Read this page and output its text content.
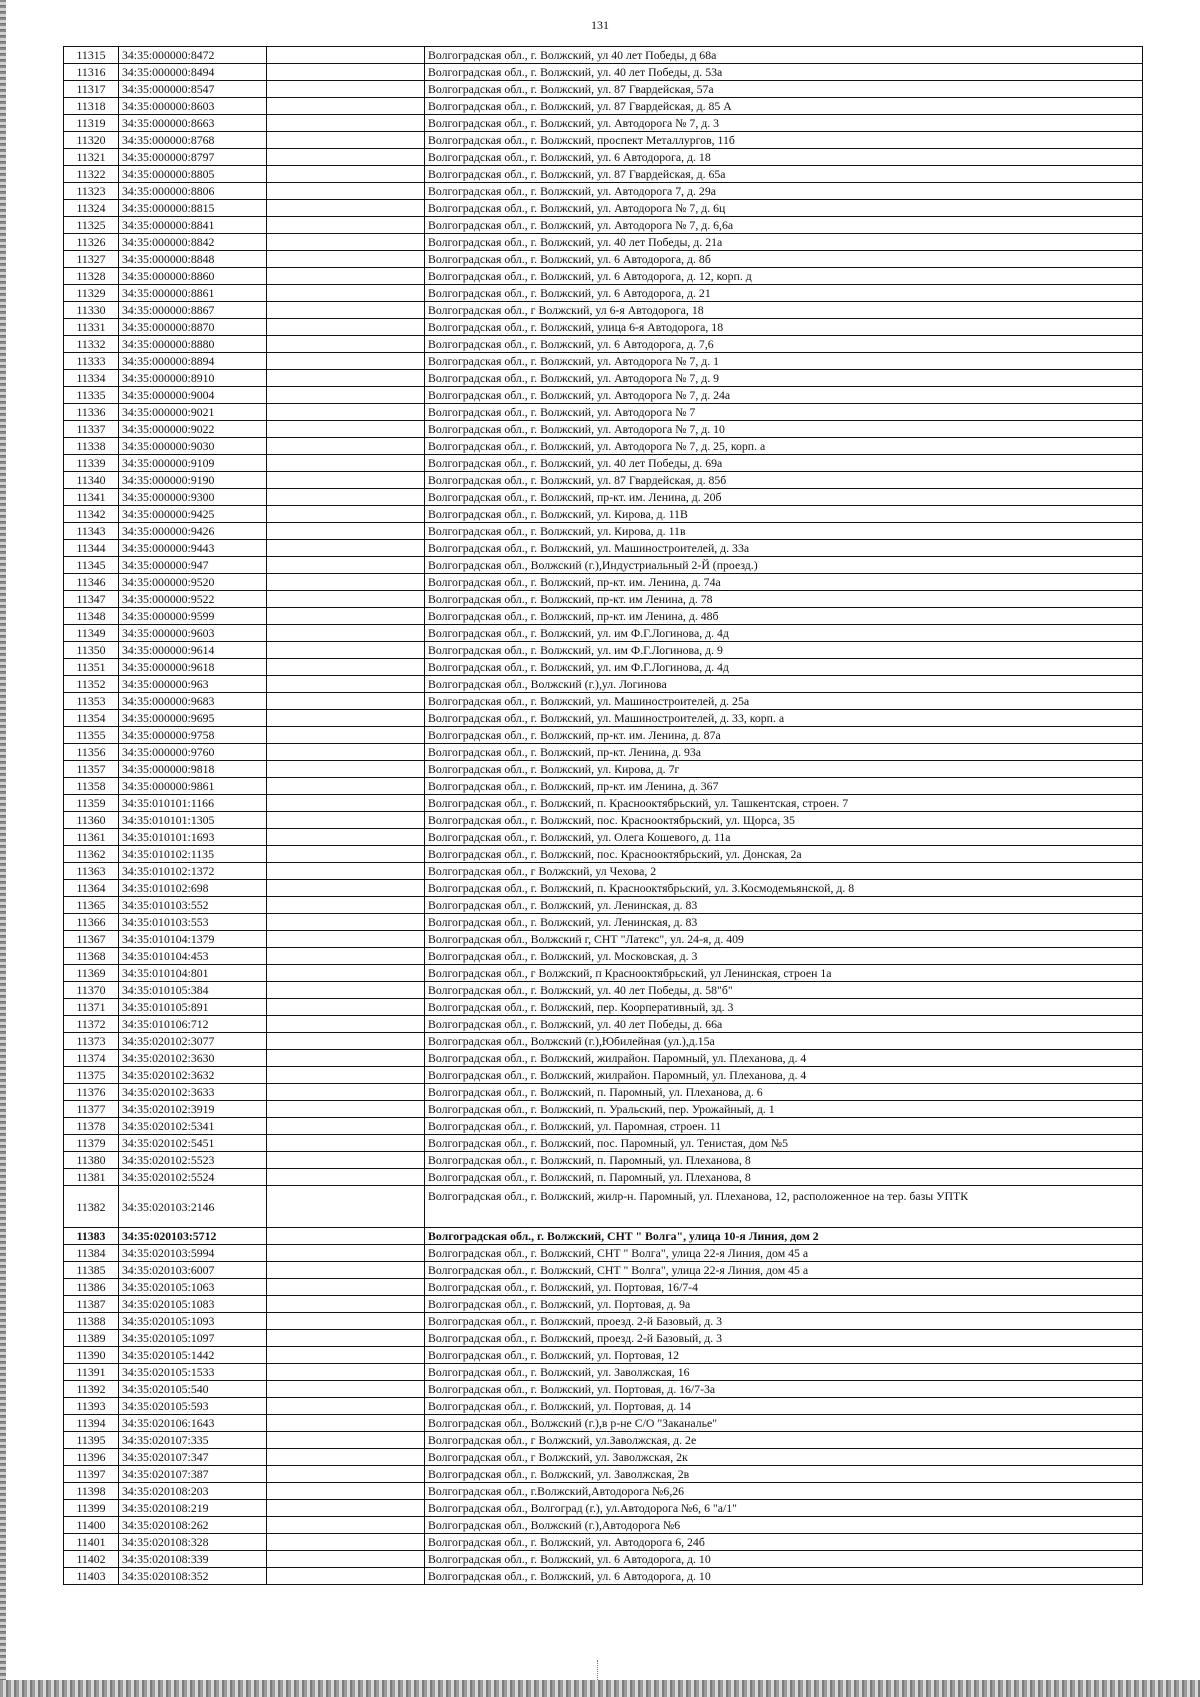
131
11315	34:35:000000:8472		Волгоградская обл., г. Волжский, ул 40 лет Победы, д 68а
11316	34:35:000000:8494		Волгоградская обл., г. Волжский, ул. 40 лет Победы, д. 53а
11317	34:35:000000:8547		Волгоградская обл., г. Волжский, ул. 87 Гвардейская, 57а
11318	34:35:000000:8603		Волгоградская обл., г. Волжский, ул. 87 Гвардейская, д. 85 А
11319	34:35:000000:8663		Волгоградская обл., г. Волжский, ул. Автодорога № 7, д. 3
11320	34:35:000000:8768		Волгоградская обл., г. Волжский, проспект Металлургов, 11б
11321	34:35:000000:8797		Волгоградская обл., г. Волжский, ул. 6 Автодорога, д. 18
11322	34:35:000000:8805		Волгоградская обл., г. Волжский, ул. 87 Гвардейская, д. 65а
11323	34:35:000000:8806		Волгоградская обл., г. Волжский, ул. Автодорога 7, д. 29а
11324	34:35:000000:8815		Волгоградская обл., г. Волжский, ул. Автодорога № 7, д. 6ц
11325	34:35:000000:8841		Волгоградская обл., г. Волжский, ул. Автодорога № 7, д. 6,6а
11326	34:35:000000:8842		Волгоградская обл., г. Волжский, ул. 40 лет Победы, д. 21а
11327	34:35:000000:8848		Волгоградская обл., г. Волжский, ул. 6 Автодорога, д. 8б
11328	34:35:000000:8860		Волгоградская обл., г. Волжский, ул. 6 Автодорога, д. 12, корп. д
11329	34:35:000000:8861		Волгоградская обл., г. Волжский, ул. 6 Автодорога, д. 21
11330	34:35:000000:8867		Волгоградская обл., г Волжский, ул 6-я Автодорога, 18
11331	34:35:000000:8870		Волгоградская обл., г. Волжский, улица 6-я Автодорога, 18
11332	34:35:000000:8880		Волгоградская обл., г. Волжский, ул. 6 Автодорога, д. 7,6
11333	34:35:000000:8894		Волгоградская обл., г. Волжский, ул. Автодорога № 7, д. 1
11334	34:35:000000:8910		Волгоградская обл., г. Волжский, ул. Автодорога № 7, д. 9
11335	34:35:000000:9004		Волгоградская обл., г. Волжский, ул. Автодорога № 7, д. 24а
11336	34:35:000000:9021		Волгоградская обл., г. Волжский, ул. Автодорога № 7
11337	34:35:000000:9022		Волгоградская обл., г. Волжский, ул. Автодорога № 7, д. 10
11338	34:35:000000:9030		Волгоградская обл., г. Волжский, ул. Автодорога № 7, д. 25, корп. а
11339	34:35:000000:9109		Волгоградская обл., г. Волжский, ул. 40 лет Победы, д. 69а
11340	34:35:000000:9190		Волгоградская обл., г. Волжский, ул. 87 Гвардейская, д. 85б
11341	34:35:000000:9300		Волгоградская обл., г. Волжский, пр-кт. им. Ленина, д. 20б
11342	34:35:000000:9425		Волгоградская обл., г. Волжский, ул. Кирова, д. 11В
11343	34:35:000000:9426		Волгоградская обл., г. Волжский, ул. Кирова, д. 11в
11344	34:35:000000:9443		Волгоградская обл., г. Волжский, ул. Машиностроителей, д. 33а
11345	34:35:000000:947		Волгоградская обл., Волжский (г.),Индустриальный 2-Й (проезд.)
11346	34:35:000000:9520		Волгоградская обл., г. Волжский, пр-кт. им. Ленина, д. 74а
11347	34:35:000000:9522		Волгоградская обл., г. Волжский, пр-кт. им Ленина, д. 78
11348	34:35:000000:9599		Волгоградская обл., г. Волжский, пр-кт. им Ленина, д. 48б
11349	34:35:000000:9603		Волгоградская обл., г. Волжский, ул. им Ф.Г.Логинова, д. 4д
11350	34:35:000000:9614		Волгоградская обл., г. Волжский, ул. им Ф.Г.Логинова, д. 9
11351	34:35:000000:9618		Волгоградская обл., г. Волжский, ул. им Ф.Г.Логинова, д. 4д
11352	34:35:000000:963		Волгоградская обл., Волжский (г.),ул. Логинова
11353	34:35:000000:9683		Волгоградская обл., г. Волжский, ул. Машиностроителей, д. 25а
11354	34:35:000000:9695		Волгоградская обл., г. Волжский, ул. Машиностроителей, д. 33, корп. а
11355	34:35:000000:9758		Волгоградская обл., г. Волжский, пр-кт. им. Ленина, д. 87а
11356	34:35:000000:9760		Волгоградская обл., г. Волжский, пр-кт. Ленина, д. 93а
11357	34:35:000000:9818		Волгоградская обл., г. Волжский, ул. Кирова, д. 7г
11358	34:35:000000:9861		Волгоградская обл., г. Волжский, пр-кт. им Ленина, д. 367
11359	34:35:010101:1166		Волгоградская обл., г. Волжский, п. Краснооктябрьский, ул. Ташкентская, строен. 7
11360	34:35:010101:1305		Волгоградская обл., г. Волжский, пос. Краснооктябрьский, ул. Щорса, 35
11361	34:35:010101:1693		Волгоградская обл., г. Волжский, ул. Олега Кошевого, д. 11а
11362	34:35:010102:1135		Волгоградская обл., г. Волжский, пос. Краснооктябрьский, ул. Донская, 2а
11363	34:35:010102:1372		Волгоградская обл., г Волжский, ул Чехова, 2
11364	34:35:010102:698		Волгоградская обл., г. Волжский, п. Краснооктябрьский, ул. З.Космодемьянской, д. 8
11365	34:35:010103:552		Волгоградская обл., г. Волжский, ул. Ленинская, д. 83
11366	34:35:010103:553		Волгоградская обл., г. Волжский, ул. Ленинская, д. 83
11367	34:35:010104:1379		Волгоградская обл., Волжский г, СНТ "Латекс", ул. 24-я, д. 409
11368	34:35:010104:453		Волгоградская обл., г. Волжский, ул. Московская, д. 3
11369	34:35:010104:801		Волгоградская обл., г Волжский, п Краснооктябрьский, ул Ленинская, строен 1а
11370	34:35:010105:384		Волгоградская обл., г. Волжский, ул. 40 лет Победы, д. 58"б"
11371	34:35:010105:891		Волгоградская обл., г. Волжский, пер. Коорперативный, зд. 3
11372	34:35:010106:712		Волгоградская обл., г. Волжский, ул. 40 лет Победы, д. 66а
11373	34:35:020102:3077		Волгоградская обл., Волжский (г.),Юбилейная (ул.),д.15а
11374	34:35:020102:3630		Волгоградская обл., г. Волжский, жилрайон. Паромный, ул. Плеханова, д. 4
11375	34:35:020102:3632		Волгоградская обл., г. Волжский, жилрайон. Паромный, ул. Плеханова, д. 4
11376	34:35:020102:3633		Волгоградская обл., г. Волжский, п. Паромный, ул. Плеханова, д. 6
11377	34:35:020102:3919		Волгоградская обл., г. Волжский, п. Уральский, пер. Урожайный, д. 1
11378	34:35:020102:5341		Волгоградская обл., г. Волжский, ул. Паромная, строен. 11
11379	34:35:020102:5451		Волгоградская обл., г. Волжский, пос. Паромный, ул. Тенистая, дом №5
11380	34:35:020102:5523		Волгоградская обл., г. Волжский, п. Паромный, ул. Плеханова, 8
11381	34:35:020102:5524		Волгоградская обл., г. Волжский, п. Паромный, ул. Плеханова, 8
11382	34:35:020103:2146		Волгоградская обл., г. Волжский, жилр-н. Паромный, ул. Плеханова, 12, расположенное на тер. базы УПТК
11383	34:35:020103:5712		Волгоградская обл., г. Волжский, СНТ " Волга", улица 10-я Линия, дом 2
11384	34:35:020103:5994		Волгоградская обл., г. Волжский, СНТ " Волга", улица 22-я Линия, дом 45 а
11385	34:35:020103:6007		Волгоградская обл., г. Волжский, СНТ " Волга", улица 22-я Линия, дом 45 а
11386	34:35:020105:1063		Волгоградская обл., г. Волжский, ул. Портовая, 16/7-4
11387	34:35:020105:1083		Волгоградская обл., г. Волжский, ул. Портовая, д. 9а
11388	34:35:020105:1093		Волгоградская обл., г. Волжский, проезд. 2-й Базовый, д. 3
11389	34:35:020105:1097		Волгоградская обл., г. Волжский, проезд. 2-й Базовый, д. 3
11390	34:35:020105:1442		Волгоградская обл., г. Волжский, ул. Портовая, 12
11391	34:35:020105:1533		Волгоградская обл., г. Волжский, ул. Заволжская, 16
11392	34:35:020105:540		Волгоградская обл., г. Волжский, ул. Портовая, д. 16/7-3а
11393	34:35:020105:593		Волгоградская обл., г. Волжский, ул. Портовая, д. 14
11394	34:35:020106:1643		Волгоградская обл., Волжский (г.),в р-не С/О "Заканалье"
11395	34:35:020107:335		Волгоградская обл., г Волжский, ул.Заволжская, д. 2е
11396	34:35:020107:347		Волгоградская обл., г Волжский, ул. Заволжская, 2к
11397	34:35:020107:387		Волгоградская обл., г. Волжский, ул. Заволжская, 2в
11398	34:35:020108:203		Волгоградская обл., г.Волжский,Автодорога №6,26
11399	34:35:020108:219		Волгоградская обл., Волгоград (г.), ул.Автодорога №6, 6 "а/1"
11400	34:35:020108:262		Волгоградская обл., Волжский (г.),Автодорога №6
11401	34:35:020108:328		Волгоградская обл., г. Волжский, ул. Автодорога 6, 24б
11402	34:35:020108:339		Волгоградская обл., г. Волжский, ул. 6 Автодорога, д. 10
11403	34:35:020108:352		Волгоградская обл., г. Волжский, ул. 6 Автодорога, д. 10
